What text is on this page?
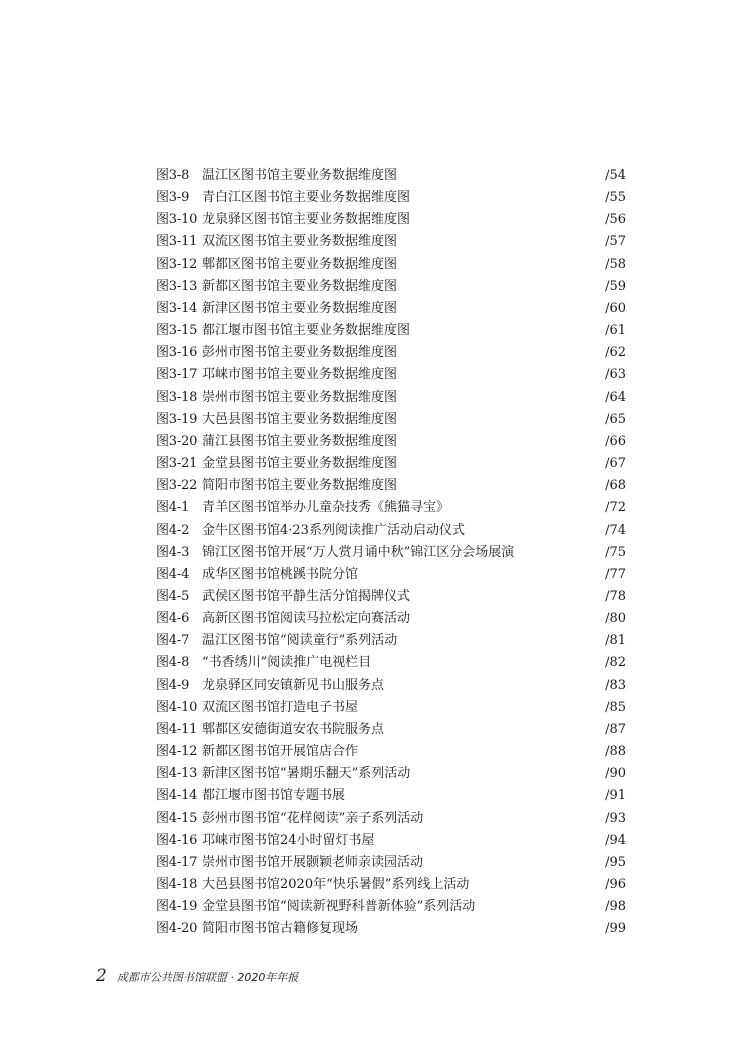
图3-8 温江区图书馆主要业务数据维度图	/54
图3-9 青白江区图书馆主要业务数据维度图	/55
图3-10 龙泉驿区图书馆主要业务数据维度图	/56
图3-11 双流区图书馆主要业务数据维度图	/57
图3-12 郫都区图书馆主要业务数据维度图	/58
图3-13 新都区图书馆主要业务数据维度图	/59
图3-14 新津区图书馆主要业务数据维度图	/60
图3-15 都江堰市图书馆主要业务数据维度图	/61
图3-16 彭州市图书馆主要业务数据维度图	/62
图3-17 邛崃市图书馆主要业务数据维度图	/63
图3-18 崇州市图书馆主要业务数据维度图	/64
图3-19 大邑县图书馆主要业务数据维度图	/65
图3-20 蒲江县图书馆主要业务数据维度图	/66
图3-21 金堂县图书馆主要业务数据维度图	/67
图3-22 简阳市图书馆主要业务数据维度图	/68
图4-1 青羊区图书馆举办儿童杂技秀《熊猫寻宝》	/72
图4-2 金牛区图书馆4·23系列阅读推广活动启动仪式	/74
图4-3 锦江区图书馆开展“万人赏月诵中秋”锦江区分会场展演	/75
图4-4 成华区图书馆桃蹊书院分馆	/77
图4-5 武侯区图书馆平静生活分馆揭牌仪式	/78
图4-6 高新区图书馆阅读马拉松定向赛活动	/80
图4-7 温江区图书馆“阅读童行”系列活动	/81
图4-8 “书香绣川”阅读推广电视栏目	/82
图4-9 龙泉驿区同安镇新见书山服务点	/83
图4-10 双流区图书馆打造电子书屋	/85
图4-11 郫都区安德街道安农书院服务点	/87
图4-12 新都区图书馆开展馆店合作	/88
图4-13 新津区图书馆“暑期乐翻天”系列活动	/90
图4-14 都江堰市图书馆专题书展	/91
图4-15 彭州市图书馆“花样阅读”亲子系列活动	/93
图4-16 邛崃市图书馆24小时留灯书屋	/94
图4-17 崇州市图书馆开展颢颖老师亲读园活动	/95
图4-18 大邑县图书馆2020年“快乐暑假”系列线上活动	/96
图4-19 金堂县图书馆“阅读新视野科普新体验”系列活动	/98
图4-20 简阳市图书馆古籍修复现场	/99
2 成都市公共图书馆联盟 · 2020年年报
